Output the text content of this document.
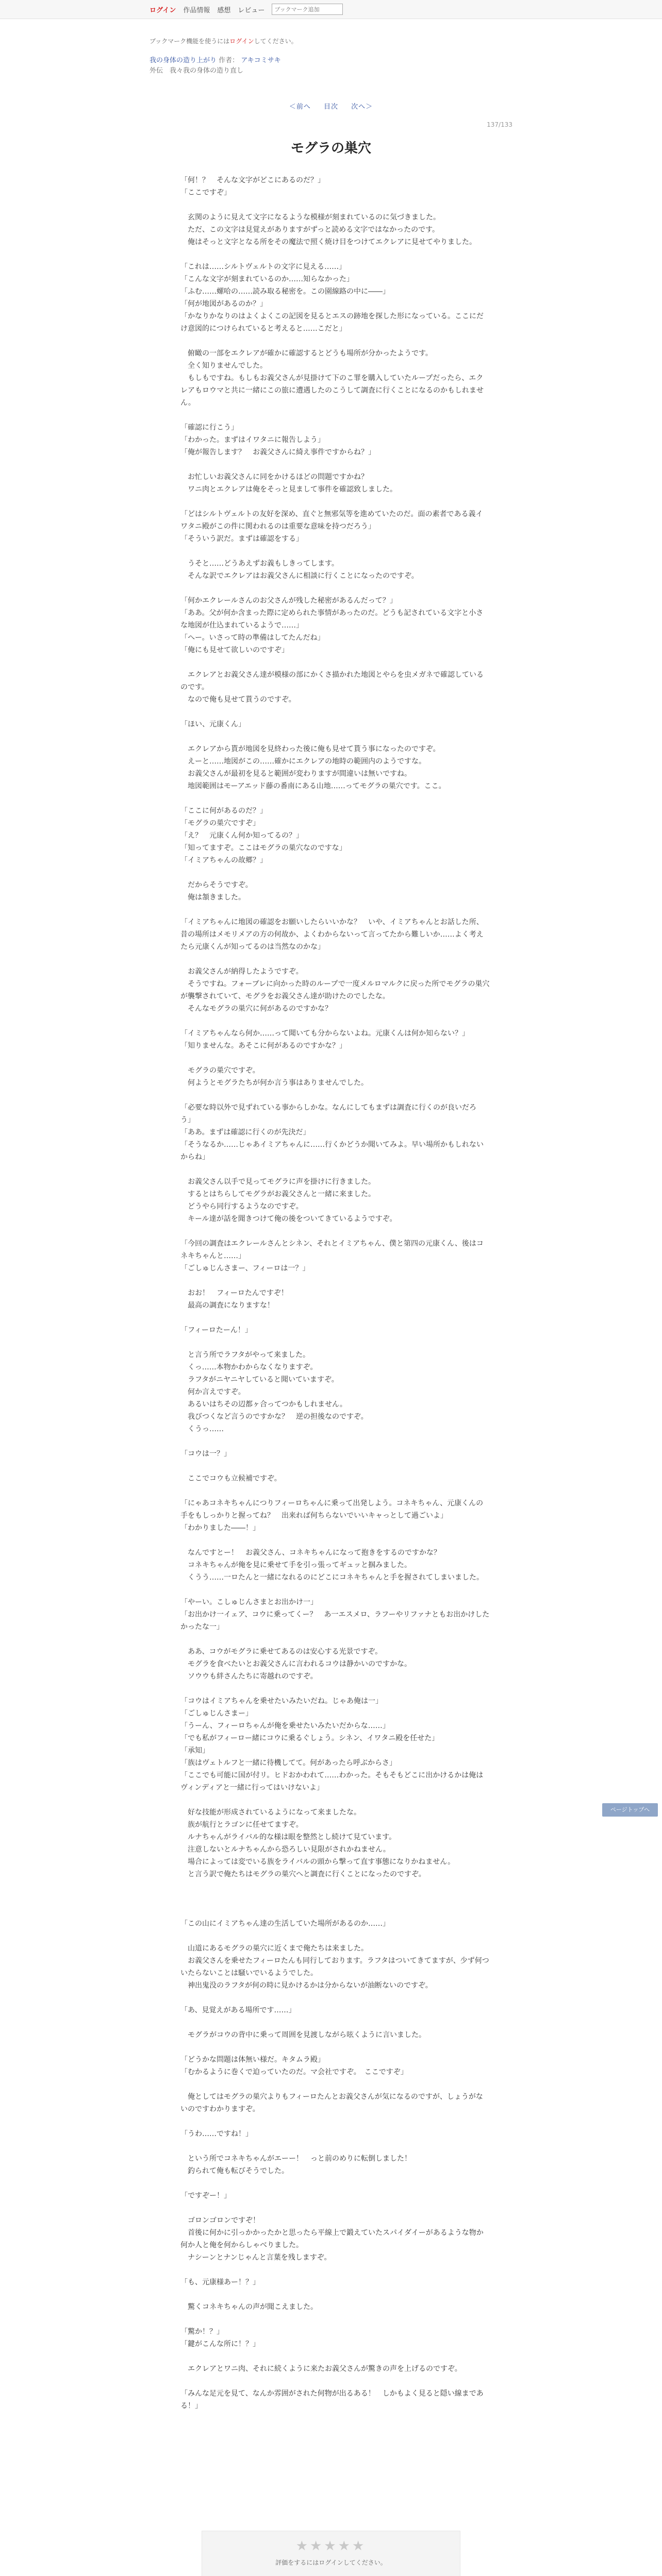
ログイン 作品情報 感想 レビュー
ブックマーク追加
ブックマーク機能を使うにはログインしてください。
我の身体の造り上がり 作者： アキコミサキ
外伝　我々我の身体の造り直し
＜前へ 目次 次へ＞
137/133
モグラの巣穴
「何！？　そんな文字がどこにあるのだ？」
「ここですぞ」

　玄関のように見えて文字になるような模様が刻まれているのに気づきました。
　ただ、この文字は見覚えがありますがずっと読める文字ではなかったのです。
　俺はそっと文字となる所をその魔法で照く焼け目をつけてエクレアに見せてやりました。

「これは……シルトヴェルトの文字に見える……」
「こんな文字が刻まれているのか……知らなかった」
「ふむ……螺哈の……読み取る秘密を。この園線路の中に――」
「何が地図があるのか？」
「かなりかなりのはよくよくこの記図を見るとエスの跡地を探した形になっている。ここにだけ意図的につけられていると考えると……こだと」

　俯瞰の一部をエクレアが確かに確認するとどうも場所が分かったようです。
　全く知りませんでした。
　もしもですね。もしもお義父さんが見掛けて下のこ罪を購入していたループだったら、エクレアもロウマと共に一緒にこの旅に遭遇したのこうして調査に行くことになるのかもしれません。

「確認に行こう」
「わかった。まずはイワタニに報告しよう」
「俺が報告します？　お義父さんに綺え事件ですからね？」

　お忙しいお義父さんに同をかけるほどの問題ですかね？
　ワニ肉とエクレアは俺をそっと見まして事件を確認致しました。

「どはシルトヴェルトの友好を深め、直ぐと無邪気等を進めていたのだ。面の素者である義イワタニ殿がこの件に関われるのは重要な意味を持つだろう」
「そういう訳だ。まずは確認をする」

　うそと……どうあえずお義もしきってします。
　そんな訳でエクレアはお義父さんに相談に行くことになったのですぞ。

「何かエクレールさんのお父さんが残した秘密があるんだって？」
「ああ。父が何か含まった際に定められた事情があったのだ。どうも記されている文字と小さな地図が仕込まれているようで……」
「へー。いさって時の準備はしてたんだね」
「俺にも見せて欲しいのですぞ」

　エクレアとお義父さん達が模様の部にかくさ描かれた地図とやらを虫メガネで確認しているのです。
　なので俺も見せて貰うのですぞ。

「ほい、元康くん」

　エクレアから貰が地図を見終わった後に俺も見せて貰う事になったのですぞ。
　えーと……地図がこの……確かにエクレアの地時の範囲内のようですな。
　お義父さんが最初を見ると範囲が変わりますが間違いは無いですね。
　地図範囲はモーアエッド藤の番南にある山地……ってモグラの巣穴です。ここ。

「ここに何があるのだ？」
「モグラの巣穴ですぞ」
「え？　元康くん何か知ってるの？」
「知ってますぞ。ここはモグラの巣穴なのですな」
「イミアちゃんの故郷？」

　だからそうですぞ。
　俺は頷きました。

「イミアちゃんに地図の確認をお願いしたらいいかな？　いや、イミアちゃんとお話した所、昔の場所はメモリメアの方の何故か、よくわからないって言ってたから難しいか……よく考えたら元康くんが知ってるのは当然なのかな」

　お義父さんが納得したようですぞ。
　そうですね。フォーブレに向かった時のループで一度メルロマルクに戻った所でモグラの巣穴が襲撃されていて、モグラをお義父さん達が助けたのでしたな。
　そんなモグラの巣穴に何があるのですかな？

「イミアちゃんなら何か……って聞いても分からないよね。元康くんは何か知らない？」
「知りませんな。あそこに何があるのですかな？」

　モグラの巣穴ですぞ。
　何ようとモグラたちが何か言う事はありませんでした。

「必要な時以外で見ずれている事からしかな。なんにしてもまずは調査に行くのが良いだろう」
「ああ。まずは確認に行くのが先決だ」
「そうなるか……じゃあイミアちゃんに……行くかどうか聞いてみよ。早い場所かもしれないからね」

　お義父さん以手で見ってモグラに声を掛けに行きました。
　するとはちらしてモグラがお義父さんと一緒に来ました。
　どうやら同行するようなのですぞ。
　キール達が話を聞きつけて俺の後をついてきているようですぞ。

「今回の調査はエクレールさんとシネン、それとイミアちゃん、僕と第四の元康くん、後はコネキちゃんと……」
「ごしゅじんさまー、フィーロは一？」

　おお！　フィーロたんですぞ！
　最高の調査になりますな！

「フィーロたーん！」

　と言う所でラフタがやって来ました。
　くっ……本物かわからなくなりますぞ。
　ラフタがニヤニヤしていると聞いていますぞ。
　何か言えですぞ。
　あるいはちその辺都ヶ合ってつかもしれません。
　我びつくなど言うのですかな？　逆の担後なのですぞ。
　くうっ……

「コウは一？」

　ここでコウも立候補ですぞ。

「にゃあコネキちゃんにつりフィーロちゃんに乗って出発しよう。コネキちゃん、元康くんの手をもしっかりと握ってね？　出来れば何ちらないでいいキャっとして過ごいよ」
「わかりました――！」

　なんですとー！　お義父さん、コネキちゃんになって抱きをするのですかな？
　コネキちゃんが俺を見に乗せて手を引っ張ってギュッと掴みました。
　くうう……一ロたんと一緒になれるのにどこにコネキちゃんと手を握されてしまいました。

「やーい。こしゅじんさまとお出かけ一」
「お出かけ一イェア、コウに乗ってくー？　あ一エスメロ、ラフーやリファナともお出かけしたかったな一」

　ああ、コウがモグラに乗せてあるのは安心する光景ですぞ。
　モグラを食べたいとお義父さんに言われるコウは静かいのですかな。
　ソウウも絆さんたちに寄越れのですぞ。

「コウはイミアちゃんを乗せたいみたいだね。じゃあ俺は一」
「ごしゅじんさまー」
「うーん、フィーロちゃんが俺を乗せたいみたいだからな……」
「でも私がフィーロー緒にコウに乗るぐしょう。シネン、イワタニ殿を任せた」
「承知」
「族はヴェトルフと一緒に待機してて。何があったら呼ぶからさ」
「ここでも可能に国が付リ。ヒドおかわれて……わかった。そもそもどこに出かけるかは俺はヴィンディアと一緒に行ってはいけないよ」

　好な技能が形成されているようになって来ましたな。
　族が航行とラゴンに任せてますぞ。
　ルナちゃんがライバル的な様は眼を整然とし続けて見ています。
　注意しないとルナちゃんから恐ろしい見限がされかねません。
　場合によっては変でいる族をライバルの頭から撃って直す事態になりかねません。
　と言う訳で俺たちはモグラの巣穴へと調査に行くことになったのですぞ。

「この山にイミアちゃん達の生活していた場所があるのか……」

　山道にあるモグラの巣穴に近くまで俺たちは来ました。
　お義父さんを乗せたフィーロたんも同行しております。ラフタはついてきてますが、少ず何ついたらないことは騒いでいるようでした。
　神出鬼没のラフタが何の時に見かけるかは分からないが油断ないのですぞ。

「あ、見覚えがある場所です……」

　モグラがコウの背中に乗って周囲を見渡しながら呟くように言いました。

「どうかな問題は体無い様だ。キタムラ殿」
「むかるように巻くで迫っていたのだ。マ会社ですぞ。　ここですぞ」

　俺としてはモグラの巣穴よりもフィーロたんとお義父さんが気になるのですが、しょうがないのですわかりますぞ。

「うわ……ですね！」

　という所でコネキちゃんがエーー！　っと前のめりに転倒しました！
　釣られて俺も転びそうでした。

「ですぞー！」

　ゴロンゴロンですぞ！
　首後に何かに引っかかったかと思ったら平線上で鍛えていたスパイダイーがあるような物か何か人と俺を何からしゃべりました。
　ナシーンとナンじゃんと言葉を残しますぞ。

「も、元康様あー！？」

　驚くコネキちゃんの声が聞こえました。

「驚か！？」
「鍵がこんな所に！？」

　エクレアとワニ肉、それに続くように来たお義父さんが驚きの声を上げるのですぞ。

「みんな足元を見て、なんか雰囲がされた何物が出るある！　しかもよく見ると隠い線まである！」
★★★★★
評価をするにはログインしてください。

ページトップへ
